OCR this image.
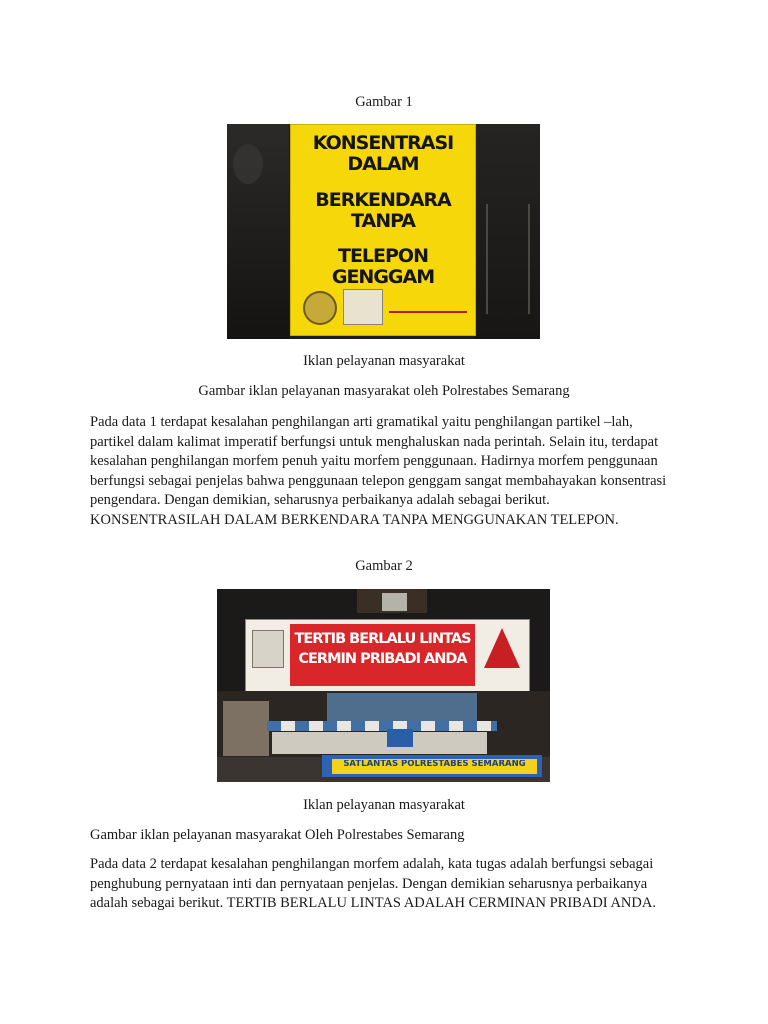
Gambar 1
KONSENTRASI DALAM
BERKENDARA TANPA
TELEPON GENGGAM
Iklan pelayanan masyarakat
Gambar iklan pelayanan masyarakat oleh Polrestabes Semarang
Pada data 1 terdapat kesalahan penghilangan arti gramatikal yaitu penghilangan partikel –lah, partikel dalam kalimat imperatif berfungsi untuk menghaluskan nada perintah. Selain itu, terdapat kesalahan penghilangan morfem penuh yaitu morfem penggunaan. Hadirnya morfem penggunaan berfungsi sebagai penjelas bahwa penggunaan telepon genggam sangat membahayakan konsentrasi pengendara. Dengan demikian, seharusnya perbaikanya adalah sebagai berikut. KONSENTRASILAH DALAM BERKENDARA TANPA MENGGUNAKAN TELEPON.
Gambar 2
TERTIB BERLALU LINTAS
CERMIN PRIBADI ANDA
SATLANTAS POLRESTABES SEMARANG
Iklan pelayanan masyarakat
Gambar iklan pelayanan masyarakat Oleh Polrestabes Semarang
Pada data 2 terdapat kesalahan penghilangan morfem adalah, kata tugas adalah berfungsi sebagai penghubung pernyataan inti dan pernyataan penjelas. Dengan demikian seharusnya perbaikanya adalah sebagai berikut. TERTIB BERLALU LINTAS ADALAH CERMINAN PRIBADI ANDA.
